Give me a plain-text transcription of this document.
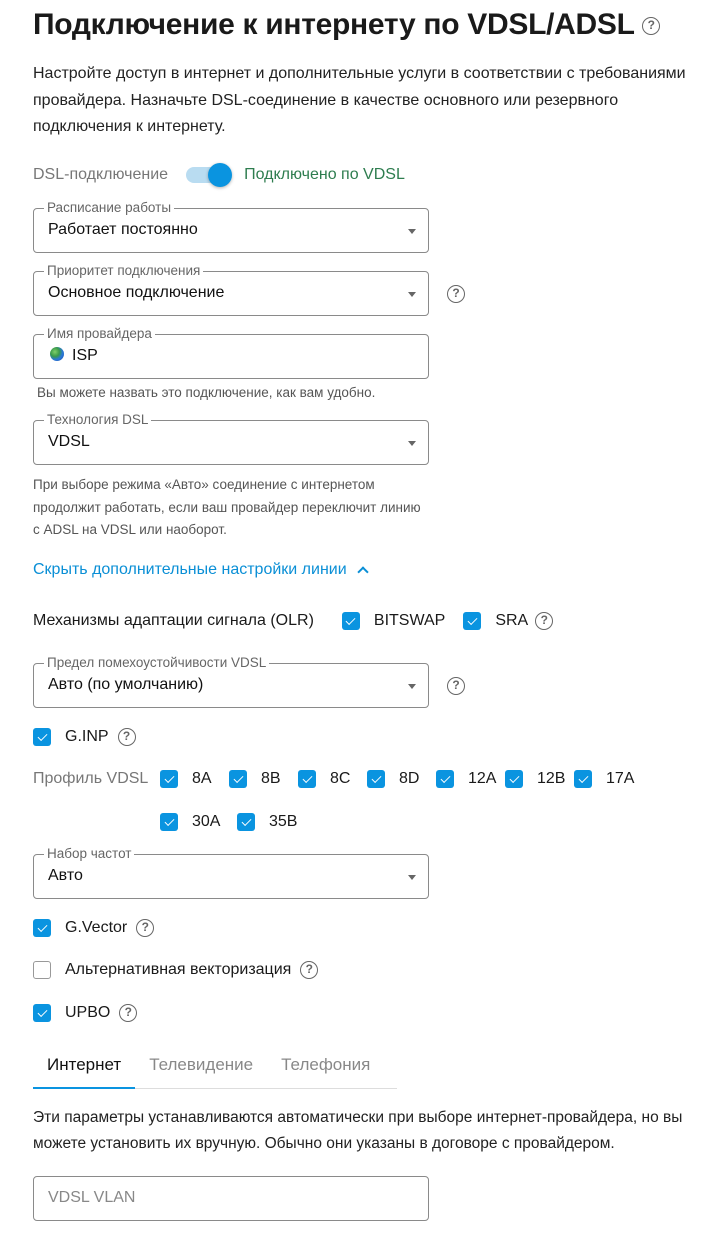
Подключение к интернету по VDSL/ADSL ?
Настройте доступ в интернет и дополнительные услуги в соответствии с требованиями провайдера. Назначьте DSL-соединение в качестве основного или резервного подключения к интернету.
DSL-подключение	Подключено по VDSL
Расписание работы
Работает постоянно
Приоритет подключения
Основное подключение	?
Имя провайдера
ISP
Вы можете назвать это подключение, как вам удобно.
Технология DSL
VDSL
При выборе режима «Авто» соединение с интернетом
продолжит работать, если ваш провайдер переключит линию
с ADSL на VDSL или наоборот.
Скрыть дополнительные настройки линии
Механизмы адаптации сигнала (OLR)	BITSWAP	SRA	?
Предел помехоустойчивости VDSL
Авто (по умолчанию)	?
G.INP	?
Профиль VDSL	8A	8B	8C	8D	12A	12B	17A
30A	35B
Набор частот
Авто
G.Vector	?
Альтернативная векторизация	?
UPBO	?
Интернет	Телевидение	Телефония
Эти параметры устанавливаются автоматически при выборе интернет-провайдера, но вы
можете установить их вручную. Обычно они указаны в договоре с провайдером.
VDSL VLAN
